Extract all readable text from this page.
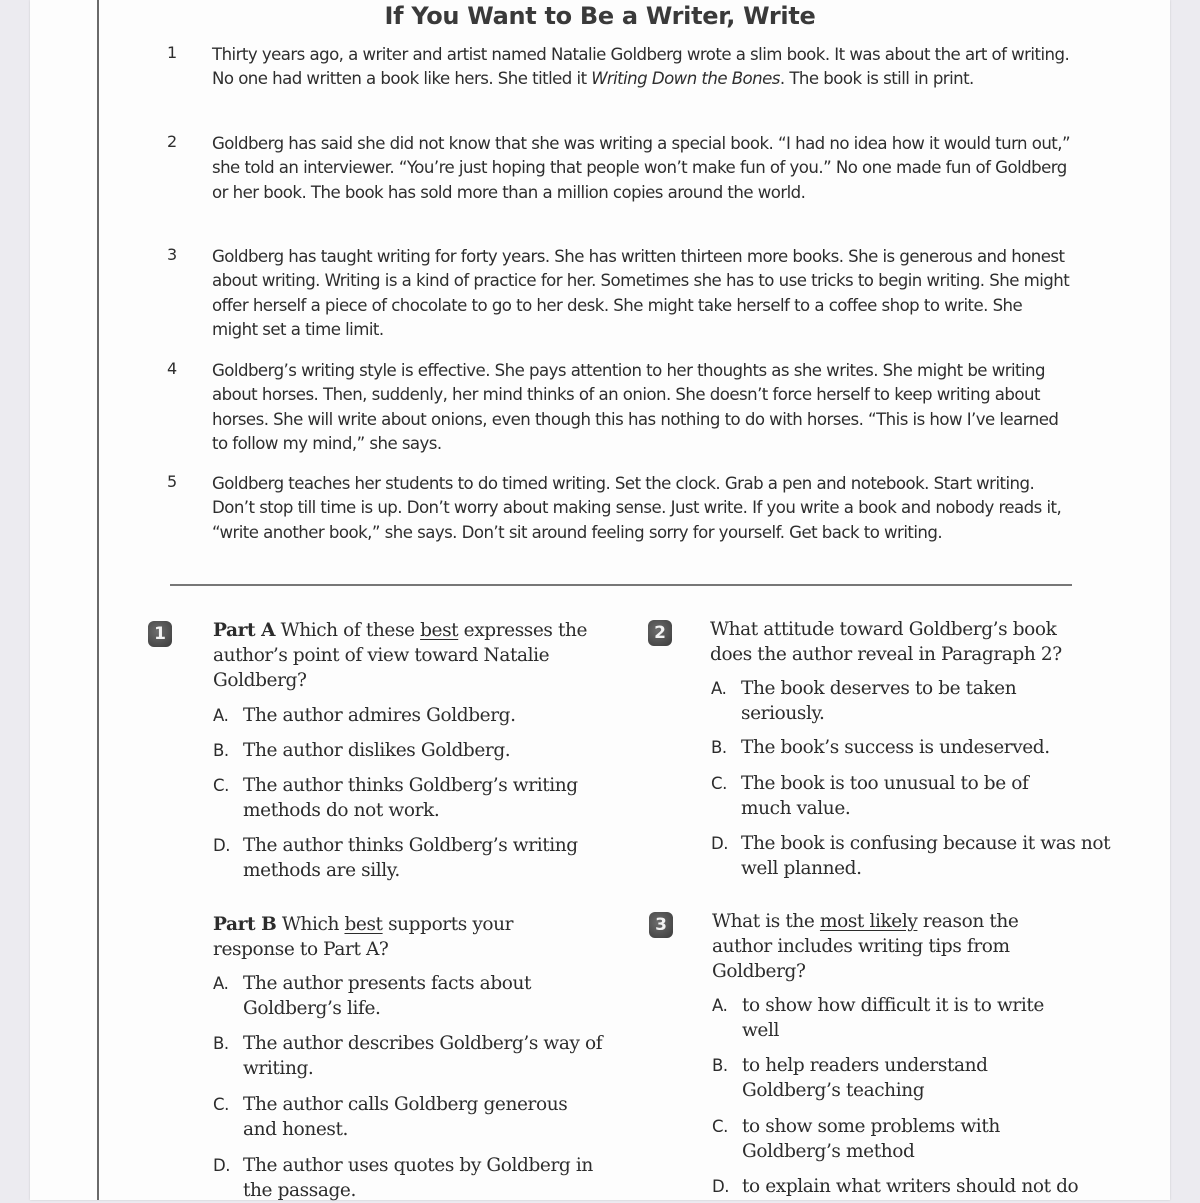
If You Want to Be a Writer, Write
1 Thirty years ago, a writer and artist named Natalie Goldberg wrote a slim book. It was about the art of writing. No one had written a book like hers. She titled it Writing Down the Bones. The book is still in print.
2 Goldberg has said she did not know that she was writing a special book. “I had no idea how it would turn out,” she told an interviewer. “You’re just hoping that people won’t make fun of you.” No one made fun of Goldberg or her book. The book has sold more than a million copies around the world.
3 Goldberg has taught writing for forty years. She has written thirteen more books. She is generous and honest about writing. Writing is a kind of practice for her. Sometimes she has to use tricks to begin writing. She might offer herself a piece of chocolate to go to her desk. She might take herself to a coffee shop to write. She might set a time limit.
4 Goldberg’s writing style is effective. She pays attention to her thoughts as she writes. She might be writing about horses. Then, suddenly, her mind thinks of an onion. She doesn’t force herself to keep writing about horses. She will write about onions, even though this has nothing to do with horses. “This is how I’ve learned to follow my mind,” she says.
5 Goldberg teaches her students to do timed writing. Set the clock. Grab a pen and notebook. Start writing. Don’t stop till time is up. Don’t worry about making sense. Just write. If you write a book and nobody reads it, “write another book,” she says. Don’t sit around feeling sorry for yourself. Get back to writing.
1	Part A Which of these best expresses the author’s point of view toward Natalie Goldberg?
A. The author admires Goldberg.
B. The author dislikes Goldberg.
C. The author thinks Goldberg’s writing methods do not work.
D. The author thinks Goldberg’s writing methods are silly.
Part B Which best supports your response to Part A?
A. The author presents facts about Goldberg’s life.
B. The author describes Goldberg’s way of writing.
C. The author calls Goldberg generous and honest.
D. The author uses quotes by Goldberg in the passage.
2	What attitude toward Goldberg’s book does the author reveal in Paragraph 2?
A. The book deserves to be taken seriously.
B. The book’s success is undeserved.
C. The book is too unusual to be of much value.
D. The book is confusing because it was not well planned.
3	What is the most likely reason the author includes writing tips from Goldberg?
A. to show how difficult it is to write well
B. to help readers understand Goldberg’s teaching
C. to show some problems with Goldberg’s method
D. to explain what writers should not do
